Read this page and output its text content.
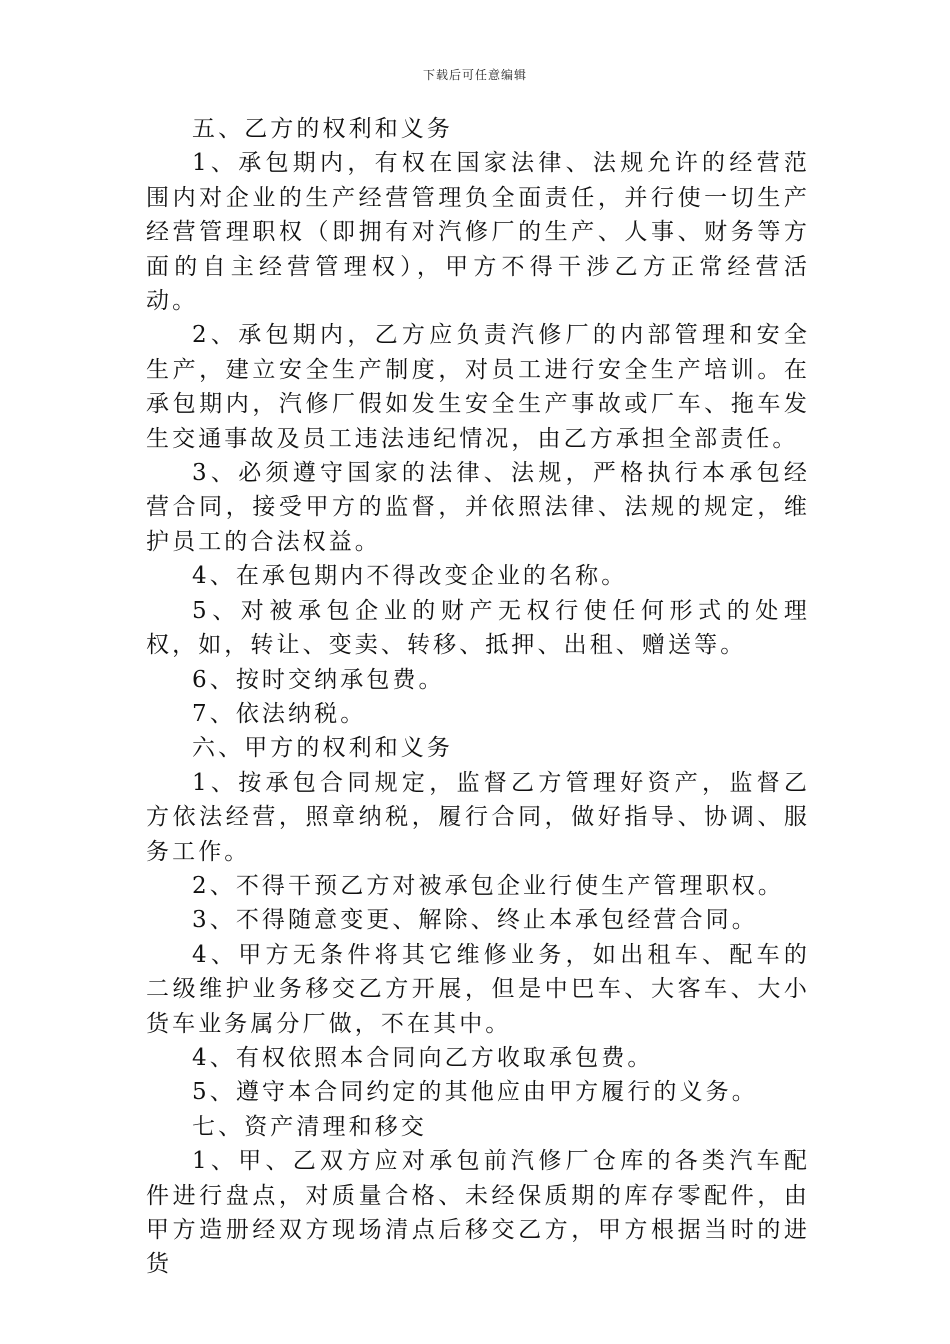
下载后可任意编辑

五、乙方的权利和义务

1、承包期内，有权在国家法律、法规允许的经营范围内对企业的生产经营管理负全面责任，并行使一切生产经营管理职权（即拥有对汽修厂的生产、人事、财务等方面的自主经营管理权），甲方不得干涉乙方正常经营活动。

2、承包期内，乙方应负责汽修厂的内部管理和安全生产，建立安全生产制度，对员工进行安全生产培训。在承包期内，汽修厂假如发生安全生产事故或厂车、拖车发生交通事故及员工违法违纪情况，由乙方承担全部责任。

3、必须遵守国家的法律、法规，严格执行本承包经营合同，接受甲方的监督，并依照法律、法规的规定，维护员工的合法权益。

4、在承包期内不得改变企业的名称。

5、对被承包企业的财产无权行使任何形式的处理权，如，转让、变卖、转移、抵押、出租、赠送等。

6、按时交纳承包费。

7、依法纳税。

六、甲方的权利和义务

1、按承包合同规定，监督乙方管理好资产，监督乙方依法经营，照章纳税，履行合同，做好指导、协调、服务工作。

2、不得干预乙方对被承包企业行使生产管理职权。

3、不得随意变更、解除、终止本承包经营合同。

4、甲方无条件将其它维修业务，如出租车、配车的二级维护业务移交乙方开展，但是中巴车、大客车、大小货车业务属分厂做，不在其中。

4、有权依照本合同向乙方收取承包费。

5、遵守本合同约定的其他应由甲方履行的义务。

七、资产清理和移交

1、甲、乙双方应对承包前汽修厂仓库的各类汽车配件进行盘点，对质量合格、未经保质期的库存零配件，由甲方造册经双方现场清点后移交乙方，甲方根据当时的进货
